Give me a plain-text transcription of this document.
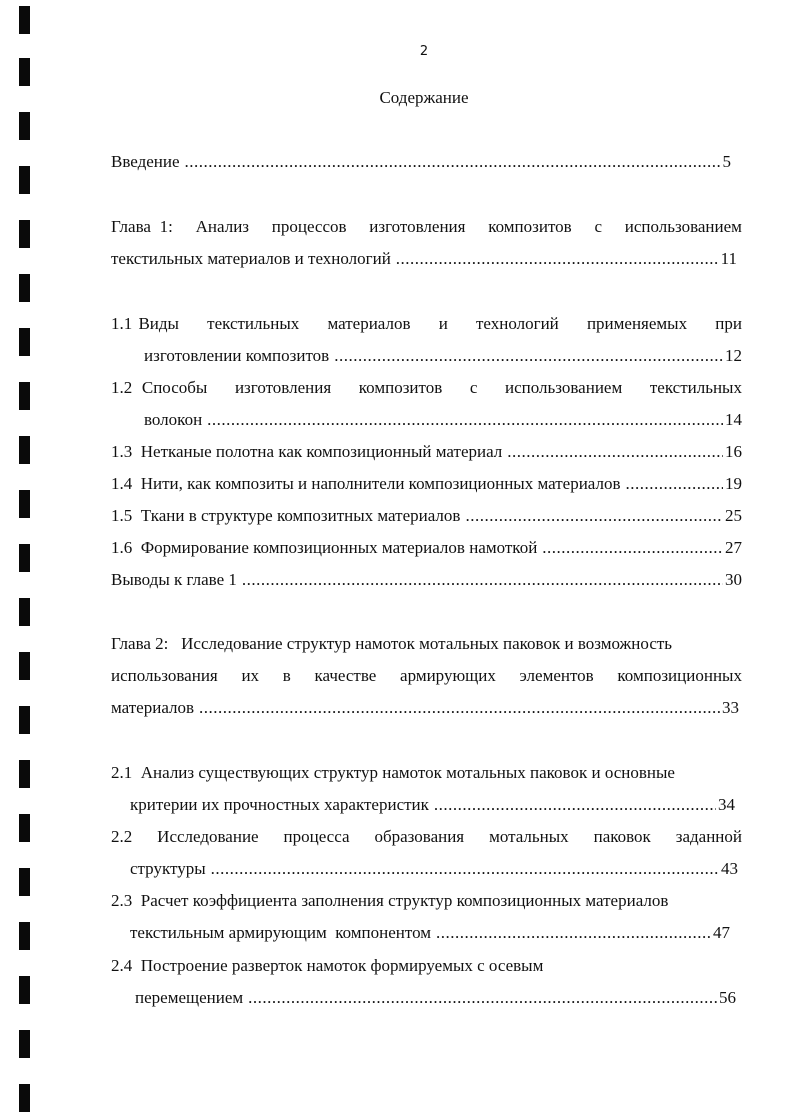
2
Содержание
Введение .....	5
Глава 1: Анализ процессов изготовления композитов с использованием
текстильных материалов и технологий .....	11
1.1 Виды текстильных материалов и технологий применяемых при
изготовлении композитов .....	12
1.2 Способы изготовления композитов с использованием текстильных
волокон .....	14
1.3  Нетканые полотна как композиционный материал .....	16
1.4  Нити, как композиты и наполнители композиционных материалов .....	19
1.5  Ткани в структуре композитных материалов .....	25
1.6  Формирование композиционных материалов намоткой .....	27
Выводы к главе 1 .....	30
Глава 2:   Исследование структур намоток мотальных паковок и возможность
использования их в качестве армирующих элементов композиционных
материалов .....	33
2.1  Анализ существующих структур намоток мотальных паковок и основные
критерии их прочностных характеристик .....	34
2.2 Исследование процесса образования мотальных паковок заданной
структуры .....	43
2.3  Расчет коэффициента заполнения структур композиционных материалов
текстильным армирующим  компонентом .....	47
2.4  Построение разверток намоток формируемых с осевым
перемещением .....	56
